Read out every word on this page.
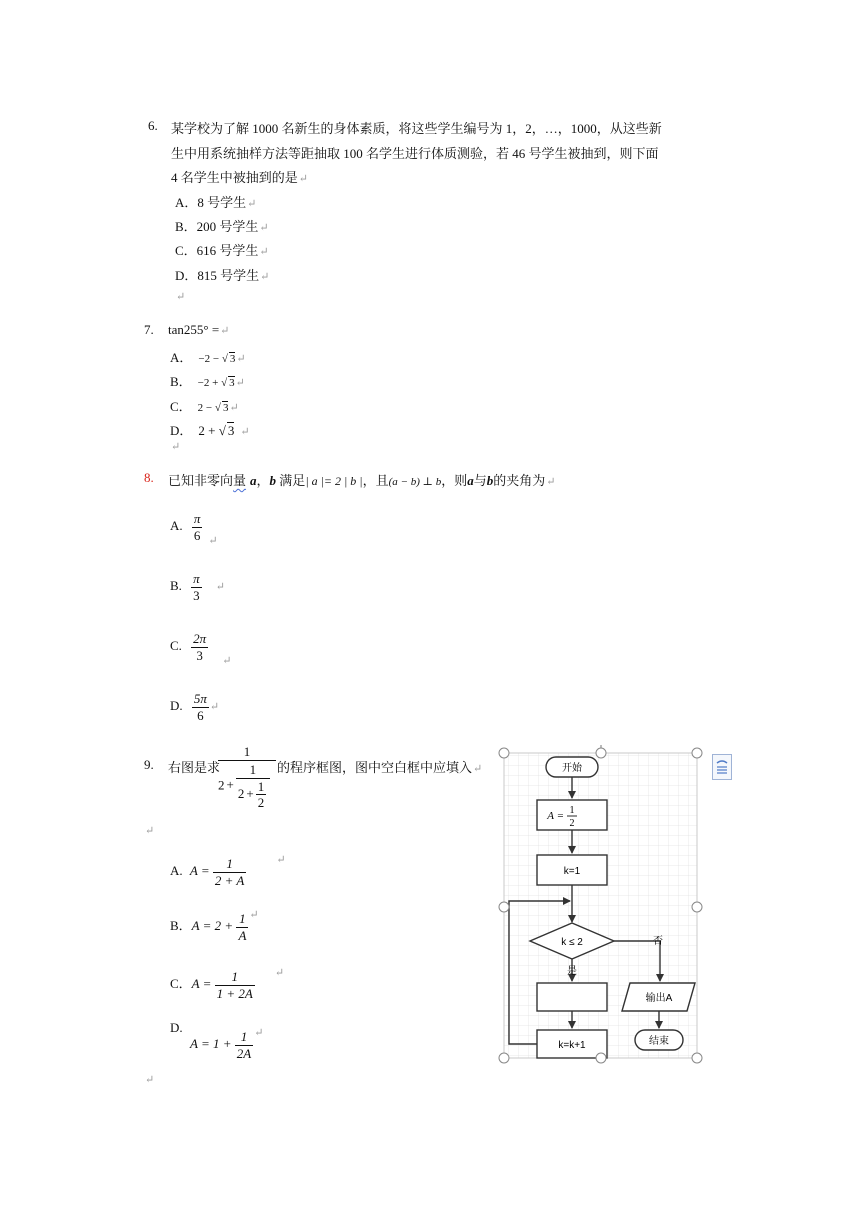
6. 某学校为了解 1000 名新生的身体素质，将这些学生编号为 1，2，…，1000，从这些新
生中用系统抽样方法等距抽取 100 名学生进行体质测验，若 46 号学生被抽到，则下面
4 名学生中被抽到的是↵
A．8 号学生↵
B．200 号学生↵
C．616 号学生↵
D．815 号学生↵
↵
7. tan255° =↵
A． −2 − √ 3↵
B． −2 + √ 3↵
C． 2 − √ 3↵
D． 2 + √ 3 ↵
↵
8. 已知非零向量 a，b 满足| a |= 2 | b |，且(a − b) ⊥ b，则a与b的夹角为↵
A. $\frac{\pi}{6} _↵$
B. $\frac{\pi}{3}$ ↵
C. $\frac{2\pi}{3} _↵$
D. $\frac{5\pi}{6}$ ↵
9. 右图是求
1
$2 + \frac{1}{2 + \frac{1}{2}}$ 的程序框图，图中空白框中应填入↵
↵
A. $A = \frac{1}{2 + A}$	↵
B．$A = 2 + \frac{1}{A} ^↵$
C．$A = \frac{1}{1 + 2A} ^↵$
D.
$A = 1 + \frac{1}{2A} ^↵$
↵
开始
A = 1
2
k=1
k ≤ 2	否
是
输出A
k=k+1	结束
